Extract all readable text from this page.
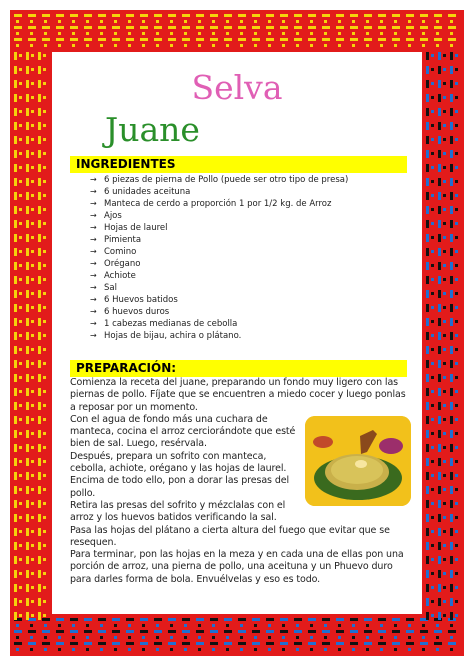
Selva
Juane
INGREDIENTES
→ 6 piezas de pierna de Pollo (puede ser otro tipo de presa)
→ 6 unidades aceituna
→ Manteca de cerdo a proporción 1 por 1/2 kg. de Arroz
→ Ajos
→ Hojas de laurel
→ Pimienta
→ Comino
→ Orégano
→ Achiote
→ Sal
→ 6 Huevos batidos
→ 6 huevos duros
→ 1 cabezas medianas de cebolla
→ Hojas de bijau, achira o plátano.
PREPARACIÓN:

Comienza la receta del juane, preparando un fondo muy ligero con las piernas de pollo. Fíjate que se encuentren a miedo cocer y luego ponlas a reposar por un momento.

Con el agua de fondo más una cuchara de manteca, cocina el arroz cerciorándote que esté bien de sal. Luego, resérvala.

Después, prepara un sofrito con manteca, cebolla, achiote, orégano y las hojas de laurel. Encima de todo ello, pon a dorar las presas del pollo.

Retira las presas del sofrito y mézclalas con el arroz y los huevos batidos verificando la sal.

Pasa las hojas del plátano a cierta altura del fuego que evitar que se resequen.

Para terminar, pon las hojas en la meza y en cada una de ellas pon una porción de arroz, una pierna de pollo, una aceituna y un Phuevo duro para darles forma de bola. Envuélvelas y eso es todo.
